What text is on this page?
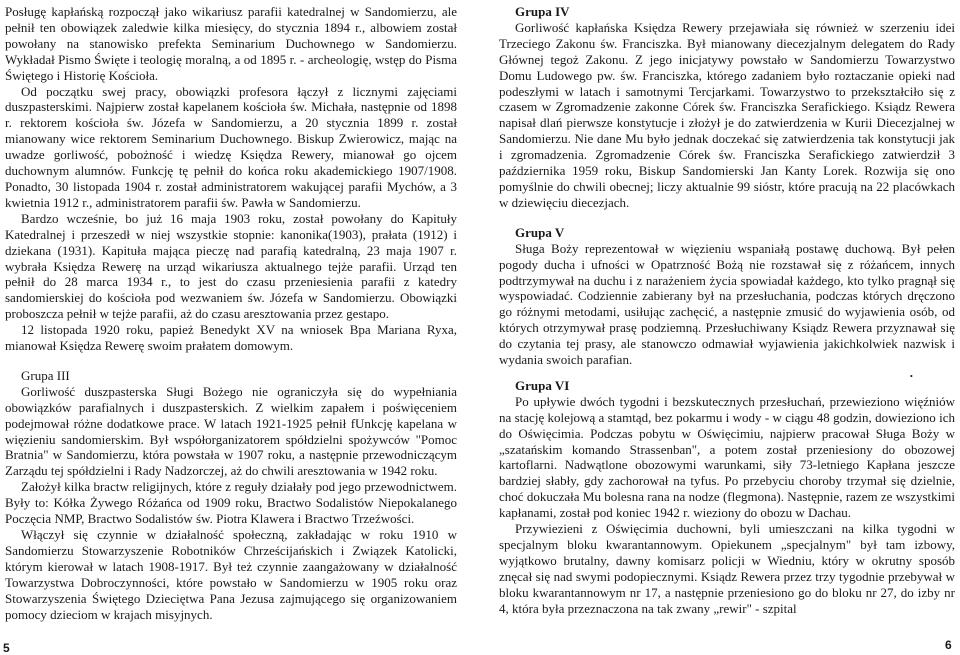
Posługę kapłańską rozpoczął jako wikariusz parafii katedralnej w Sandomierzu, ale pełnił ten obowiązek zaledwie kilka miesięcy, do stycznia 1894 r., albowiem został powołany na stanowisko prefekta Seminarium Duchownego w Sandomierzu. Wykładał Pismo Święte i teologię moralną, a od 1895 r. - archeologię, wstęp do Pisma Świętego i Historię Kościoła.

Od początku swej pracy, obowiązki profesora łączył z licznymi zajęciami duszpasterskimi. Najpierw został kapelanem kościoła św. Michała, następnie od 1898 r. rektorem kościoła św. Józefa w Sandomierzu, a 20 stycznia 1899 r. został mianowany wice rektorem Seminarium Duchownego. Biskup Zwierowicz, mając na uwadze gorliwość, pobożność i wiedzę Księdza Rewery, mianował go ojcem duchownym alumnów. Funkcję tę pełnił do końca roku akademickiego 1907/1908. Ponadto, 30 listopada 1904 r. został administratorem wakującej parafii Mychów, a 3 kwietnia 1912 r., administratorem parafii św. Pawła w Sandomierzu.

Bardzo wcześnie, bo już 16 maja 1903 roku, został powołany do Kapituły Katedralnej i przeszedł w niej wszystkie stopnie: kanonika(1903), prałata (1912) i dziekana (1931). Kapituła mająca pieczę nad parafią katedralną, 23 maja 1907 r. wybrała Księdza Rewerę na urząd wikariusza aktualnego tejże parafii. Urząd ten pełnił do 28 marca 1934 r., to jest do czasu przeniesienia parafii z katedry sandomierskiej do kościoła pod wezwaniem św. Józefa w Sandomierzu. Obowiązki proboszcza pełnił w tejże parafii, aż do czasu aresztowania przez gestapo.

12 listopada 1920 roku, papież Benedykt XV na wniosek Bpa Mariana Ryxa, mianował Księdza Rewerę swoim prałatem domowym.

Grupa III

Gorliwość duszpasterska Sługi Bożego nie ograniczyła się do wypełniania obowiązków parafialnych i duszpasterskich. Z wielkim zapałem i poświęceniem podejmował różne dodatkowe prace. W latach 1921-1925 pełnił fUnkcję kapelana w więzieniu sandomierskim. Był współorganizatorem spółdzielni spożywców "Pomoc Bratnia" w Sandomierzu, która powstała w 1907 roku, a następnie przewodniczącym Zarządu tej spółdzielni i Rady Nadzorczej, aż do chwili aresztowania w 1942 roku.

Założył kilka bractw religijnych, które z reguły działały pod jego przewodnictwem. Były to: Kółka Żywego Różańca od 1909 roku, Bractwo Sodalistów Niepokalanego Poczęcia NMP, Bractwo Sodalistów św. Piotra Klawera i Bractwo Trzeźwości.

Włączył się czynnie w działalność społeczną, zakładając w roku 1910 w Sandomierzu Stowarzyszenie Robotników Chrześcijańskich i Związek Katolicki, którym kierował w latach 1908-1917. Był też czynnie zaangażowany w działalność Towarzystwa Dobroczynności, które powstało w Sandomierzu w 1905 roku oraz Stowarzyszenia Świętego Dzieciętwa Pana Jezusa zajmującego się organizowaniem pomocy dzieciom w krajach misyjnych.

Grupa IV

Gorliwość kapłańska Księdza Rewery przejawiała się również w szerzeniu idei Trzeciego Zakonu św. Franciszka. Był mianowany diecezjalnym delegatem do Rady Głównej tegoż Zakonu. Z jego inicjatywy powstało w Sandomierzu Towarzystwo Domu Ludowego pw. św. Franciszka, którego zadaniem było roztaczanie opieki nad podeszłymi w latach i samotnymi Tercjarkami. Towarzystwo to przekształciło się z czasem w Zgromadzenie zakonne Córek św. Franciszka Serafickiego. Ksiądz Rewera napisał dlań pierwsze konstytucje i złożył je do zatwierdzenia w Kurii Diecezjalnej w Sandomierzu. Nie dane Mu było jednak doczekać się zatwierdzenia tak konstytucji jak i zgromadzenia. Zgromadzenie Córek św. Franciszka Serafickiego zatwierdził 3 października 1959 roku, Biskup Sandomierski Jan Kanty Lorek. Rozwija się ono pomyślnie do chwili obecnej; liczy aktualnie 99 sióstr, które pracują na 22 placówkach w dziewięciu diecezjach.

Grupa V

Sługa Boży reprezentował w więzieniu wspaniałą postawę duchową. Był pełen pogody ducha i ufności w Opatrzność Bożą nie rozstawał się z różańcem, innych podtrzymywał na duchu i z narażeniem życia spowiadał każdego, kto tylko pragnął się wyspowiadać. Codziennie zabierany był na przesłuchania, podczas których dręczono go różnymi metodami, usiłując zachęcić, a następnie zmusić do wyjawienia osób, od których otrzymywał prasę podziemną. Przesłuchiwany Ksiądz Rewera przyznawał się do czytania tej prasy, ale stanowczo odmawiał wyjawienia jakichkolwiek nazwisk i wydania swoich parafian.

.

Grupa VI

Po upływie dwóch tygodni i bezskutecznych przesłuchań, przewieziono więźniów na stację kolejową a stamtąd, bez pokarmu i wody - w ciągu 48 godzin, dowieziono ich do Oświęcimia. Podczas pobytu w Oświęcimiu, najpierw pracował Sługa Boży w „szatańskim komando Strassenban", a potem został przeniesiony do obozowej kartoflarni. Nadwątlone obozowymi warunkami, siły 73-letniego Kapłana jeszcze bardziej słabły, gdy zachorował na tyfus. Po przebyciu choroby trzymał się dzielnie, choć dokuczała Mu bolesna rana na nodze (flegmona). Następnie, razem ze wszystkimi kapłanami, został pod koniec 1942 r. wieziony do obozu w Dachau.

Przywiezieni z Oświęcimia duchowni, byli umieszczani na kilka tygodni w specjalnym bloku kwarantannowym. Opiekunem „specjalnym" był tam izbowy, wyjątkowo brutalny, dawny komisarz policji w Wiedniu, który w okrutny sposób znęcał się nad swymi podopiecznymi. Ksiądz Rewera przez trzy tygodnie przebywał w bloku kwarantannowym nr 17, a następnie przeniesiono go do bloku nr 27, do izby nr 4, która była przeznaczona na tak zwany „rewir" - szpital

5	6
